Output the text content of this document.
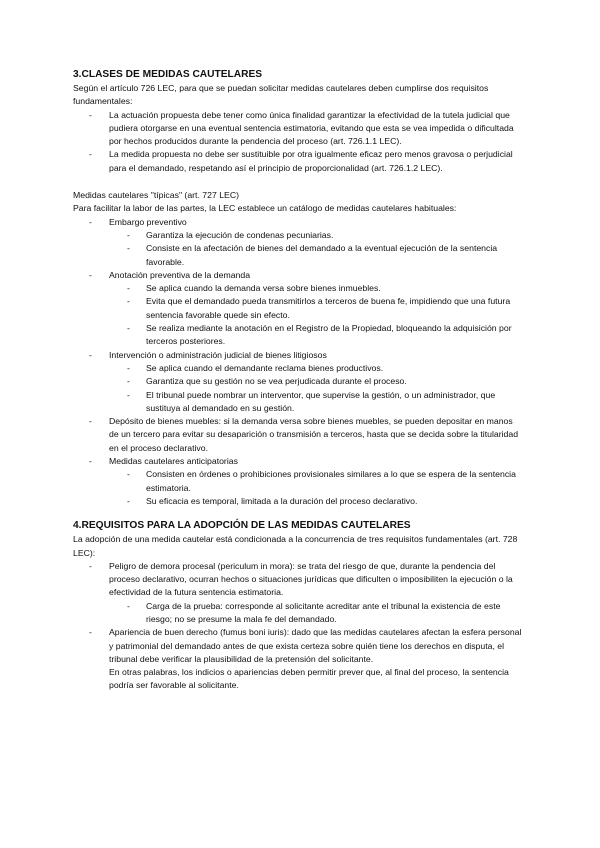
3.CLASES DE MEDIDAS CAUTELARES

Según el artículo 726 LEC, para que se puedan solicitar medidas cautelares deben cumplirse dos requisitos fundamentales:

- La actuación propuesta debe tener como única finalidad garantizar la efectividad de la tutela judicial que pudiera otorgarse en una eventual sentencia estimatoria, evitando que esta se vea impedida o dificultada por hechos producidos durante la pendencia del proceso (art. 726.1.1 LEC).
- La medida propuesta no debe ser sustituible por otra igualmente eficaz pero menos gravosa o perjudicial para el demandado, respetando así el principio de proporcionalidad (art. 726.1.2 LEC).

Medidas cautelares "típicas" (art. 727 LEC)

Para facilitar la labor de las partes, la LEC establece un catálogo de medidas cautelares habituales:

- Embargo preventivo
- Garantiza la ejecución de condenas pecuniarias.
- Consiste en la afectación de bienes del demandado a la eventual ejecución de la sentencia favorable.
- Anotación preventiva de la demanda
- Se aplica cuando la demanda versa sobre bienes inmuebles.
- Evita que el demandado pueda transmitirlos a terceros de buena fe, impidiendo que una futura sentencia favorable quede sin efecto.
- Se realiza mediante la anotación en el Registro de la Propiedad, bloqueando la adquisición por terceros posteriores.
- Intervención o administración judicial de bienes litigiosos
- Se aplica cuando el demandante reclama bienes productivos.
- Garantiza que su gestión no se vea perjudicada durante el proceso.
- El tribunal puede nombrar un interventor, que supervise la gestión, o un administrador, que sustituya al demandado en su gestión.
- Depósito de bienes muebles: si la demanda versa sobre bienes muebles, se pueden depositar en manos de un tercero para evitar su desaparición o transmisión a terceros, hasta que se decida sobre la titularidad en el proceso declarativo.
- Medidas cautelares anticipatorias
- Consisten en órdenes o prohibiciones provisionales similares a lo que se espera de la sentencia estimatoria.
- Su eficacia es temporal, limitada a la duración del proceso declarativo.
4.REQUISITOS PARA LA ADOPCIÓN DE LAS MEDIDAS CAUTELARES

La adopción de una medida cautelar está condicionada a la concurrencia de tres requisitos fundamentales (art. 728 LEC):

- Peligro de demora procesal (periculum in mora): se trata del riesgo de que, durante la pendencia del proceso declarativo, ocurran hechos o situaciones jurídicas que dificulten o imposibiliten la ejecución o la efectividad de la futura sentencia estimatoria.
- Carga de la prueba: corresponde al solicitante acreditar ante el tribunal la existencia de este riesgo; no se presume la mala fe del demandado.
- Apariencia de buen derecho (fumus boni iuris): dado que las medidas cautelares afectan la esfera personal y patrimonial del demandado antes de que exista certeza sobre quién tiene los derechos en disputa, el tribunal debe verificar la plausibilidad de la pretensión del solicitante.
En otras palabras, los indicios o apariencias deben permitir prever que, al final del proceso, la sentencia podría ser favorable al solicitante.
